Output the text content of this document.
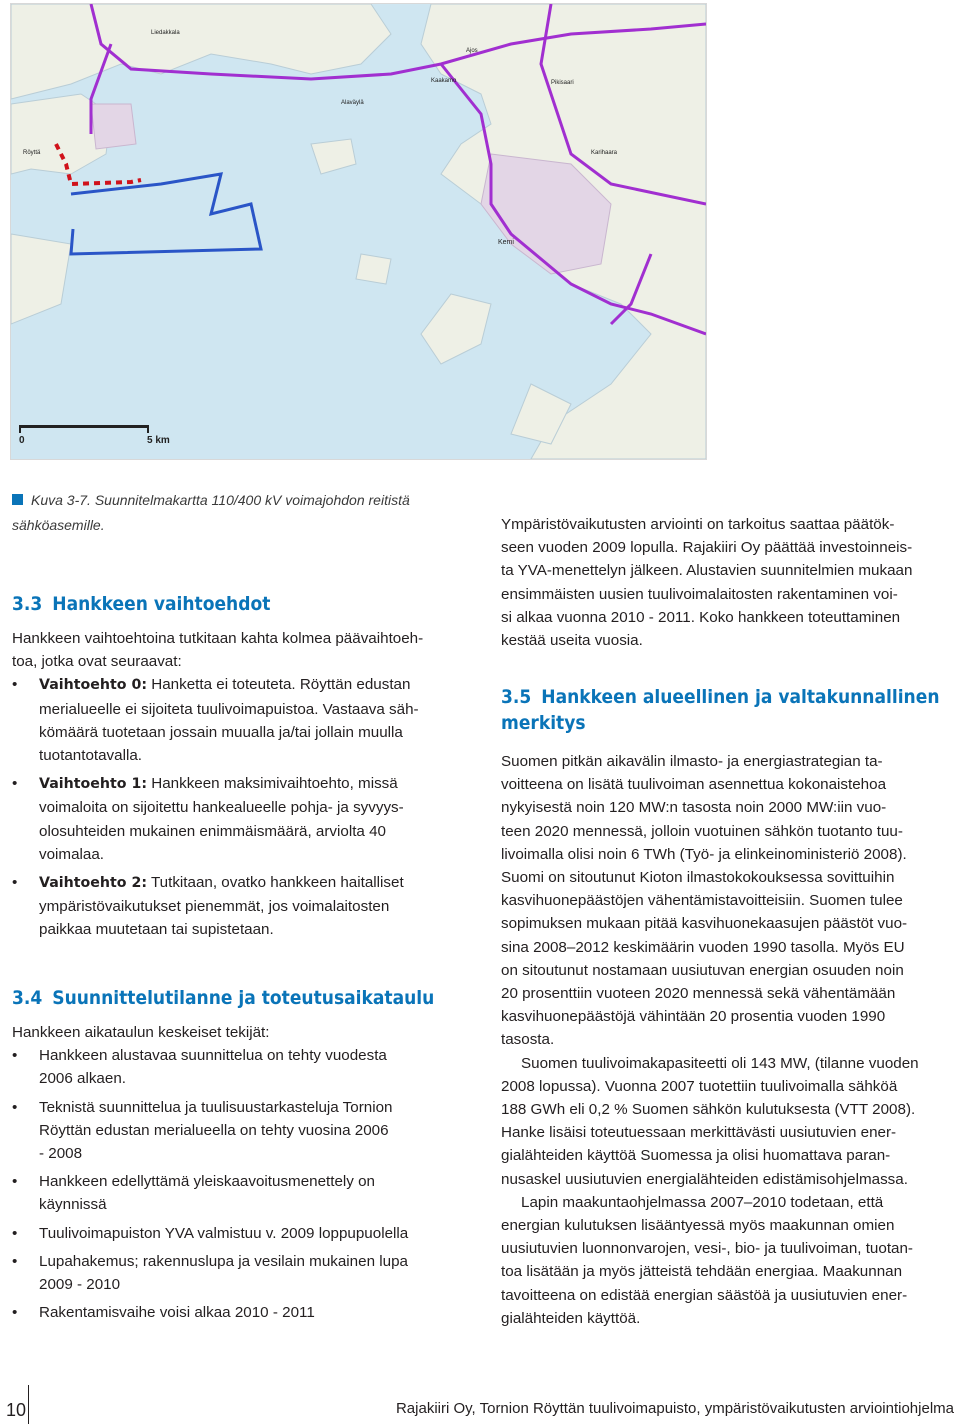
Kemi
Ajos
Kaakamo	Pikisaari
Karihaara
Liedakkala
Alaväylä
Röyttä
0	5 km
Kuva 3-7. Suunnitelmakartta 110/400 kV voimajohdon reitistä
sähköasemille.
3.3 Hankkeen vaihtoehdot

Hankkeen vaihtoehtoina tutkitaan kahta kolmea päävaihtoeh-

toa, jotka ovat seuraavat:

• Vaihtoehto 0: Hanketta ei toteuteta. Röyttän edustan
merialueelle ei sijoiteta tuulivoimapuistoa. Vastaava säh-
kömäärä tuotetaan jossain muualla ja/tai jollain muulla
tuotantotavalla.
• Vaihtoehto 1: Hankkeen maksimivaihtoehto, missä
voimaloita on sijoitettu hankealueelle pohja- ja syvyys-
olosuhteiden mukainen enimmäismäärä, arviolta 40
voimalaa.
• Vaihtoehto 2: Tutkitaan, ovatko hankkeen haitalliset
ympäristövaikutukset pienemmät, jos voimalaitosten
paikkaa muutetaan tai supistetaan.
3.4 Suunnittelutilanne ja toteutusaikataulu

Hankkeen aikataulun keskeiset tekijät:

• Hankkeen alustavaa suunnittelua on tehty vuodesta
2006 alkaen.
• Teknistä suunnittelua ja tuulisuustarkasteluja Tornion
Röyttän edustan merialueella on tehty vuosina 2006
- 2008
• Hankkeen edellyttämä yleiskaavoitusmenettely on
käynnissä
• Tuulivoimapuiston YVA valmistuu v. 2009 loppupuolella
• Lupahakemus; rakennuslupa ja vesilain mukainen lupa
2009 - 2010
• Rakentamisvaihe voisi alkaa 2010 - 2011

Ympäristövaikutusten arviointi on tarkoitus saattaa päätök-

seen vuoden 2009 lopulla. Rajakiiri Oy päättää investoinneis-

ta YVA-menettelyn jälkeen. Alustavien suunnitelmien mukaan

ensimmäisten uusien tuulivoimalaitosten rakentaminen voi-

si alkaa vuonna 2010 - 2011. Koko hankkeen toteuttaminen

kestää useita vuosia.

3.5 Hankkeen alueellinen ja valtakunnallinen
merkitys

Suomen pitkän aikavälin ilmasto- ja energiastrategian ta-

voitteena on lisätä tuulivoiman asennettua kokonaistehoa

nykyisestä noin 120 MW:n tasosta noin 2000 MW:iin vuo-

teen 2020 mennessä, jolloin vuotuinen sähkön tuotanto tuu-

livoimalla olisi noin 6 TWh (Työ- ja elinkeinoministeriö 2008).

Suomi on sitoutunut Kioton ilmastokokouksessa sovittuihin

kasvihuonepäästöjen vähentämistavoitteisiin. Suomen tulee

sopimuksen mukaan pitää kasvihuonekaasujen päästöt vuo-

sina 2008–2012 keskimäärin vuoden 1990 tasolla. Myös EU

on sitoutunut nostamaan uusiutuvan energian osuuden noin

20 prosenttiin vuoteen 2020 mennessä sekä vähentämään

kasvihuonepäästöjä vähintään 20 prosentia vuoden 1990

tasosta.

Suomen tuulivoimakapasiteetti oli 143 MW, (tilanne vuoden

2008 lopussa). Vuonna 2007 tuotettiin tuulivoimalla sähköä

188 GWh eli 0,2 % Suomen sähkön kulutuksesta (VTT 2008).

Hanke lisäisi toteutuessaan merkittävästi uusiutuvien ener-

gialähteiden käyttöä Suomessa ja olisi huomattava paran-

nusaskel uusiutuvien energialähteiden edistämisohjelmassa.

Lapin maakuntaohjelmassa 2007–2010 todetaan, että

energian kulutuksen lisääntyessä myös maakunnan omien

uusiutuvien luonnonvarojen, vesi-, bio- ja tuulivoiman, tuotan-

toa lisätään ja myös jätteistä tehdään energiaa. Maakunnan

tavoitteena on edistää energian säästöä ja uusiutuvien ener-

gialähteiden käyttöä.

10	Rajakiiri Oy, Tornion Röyttän tuulivoimapuisto, ympäristövaikutusten arviointiohjelma
